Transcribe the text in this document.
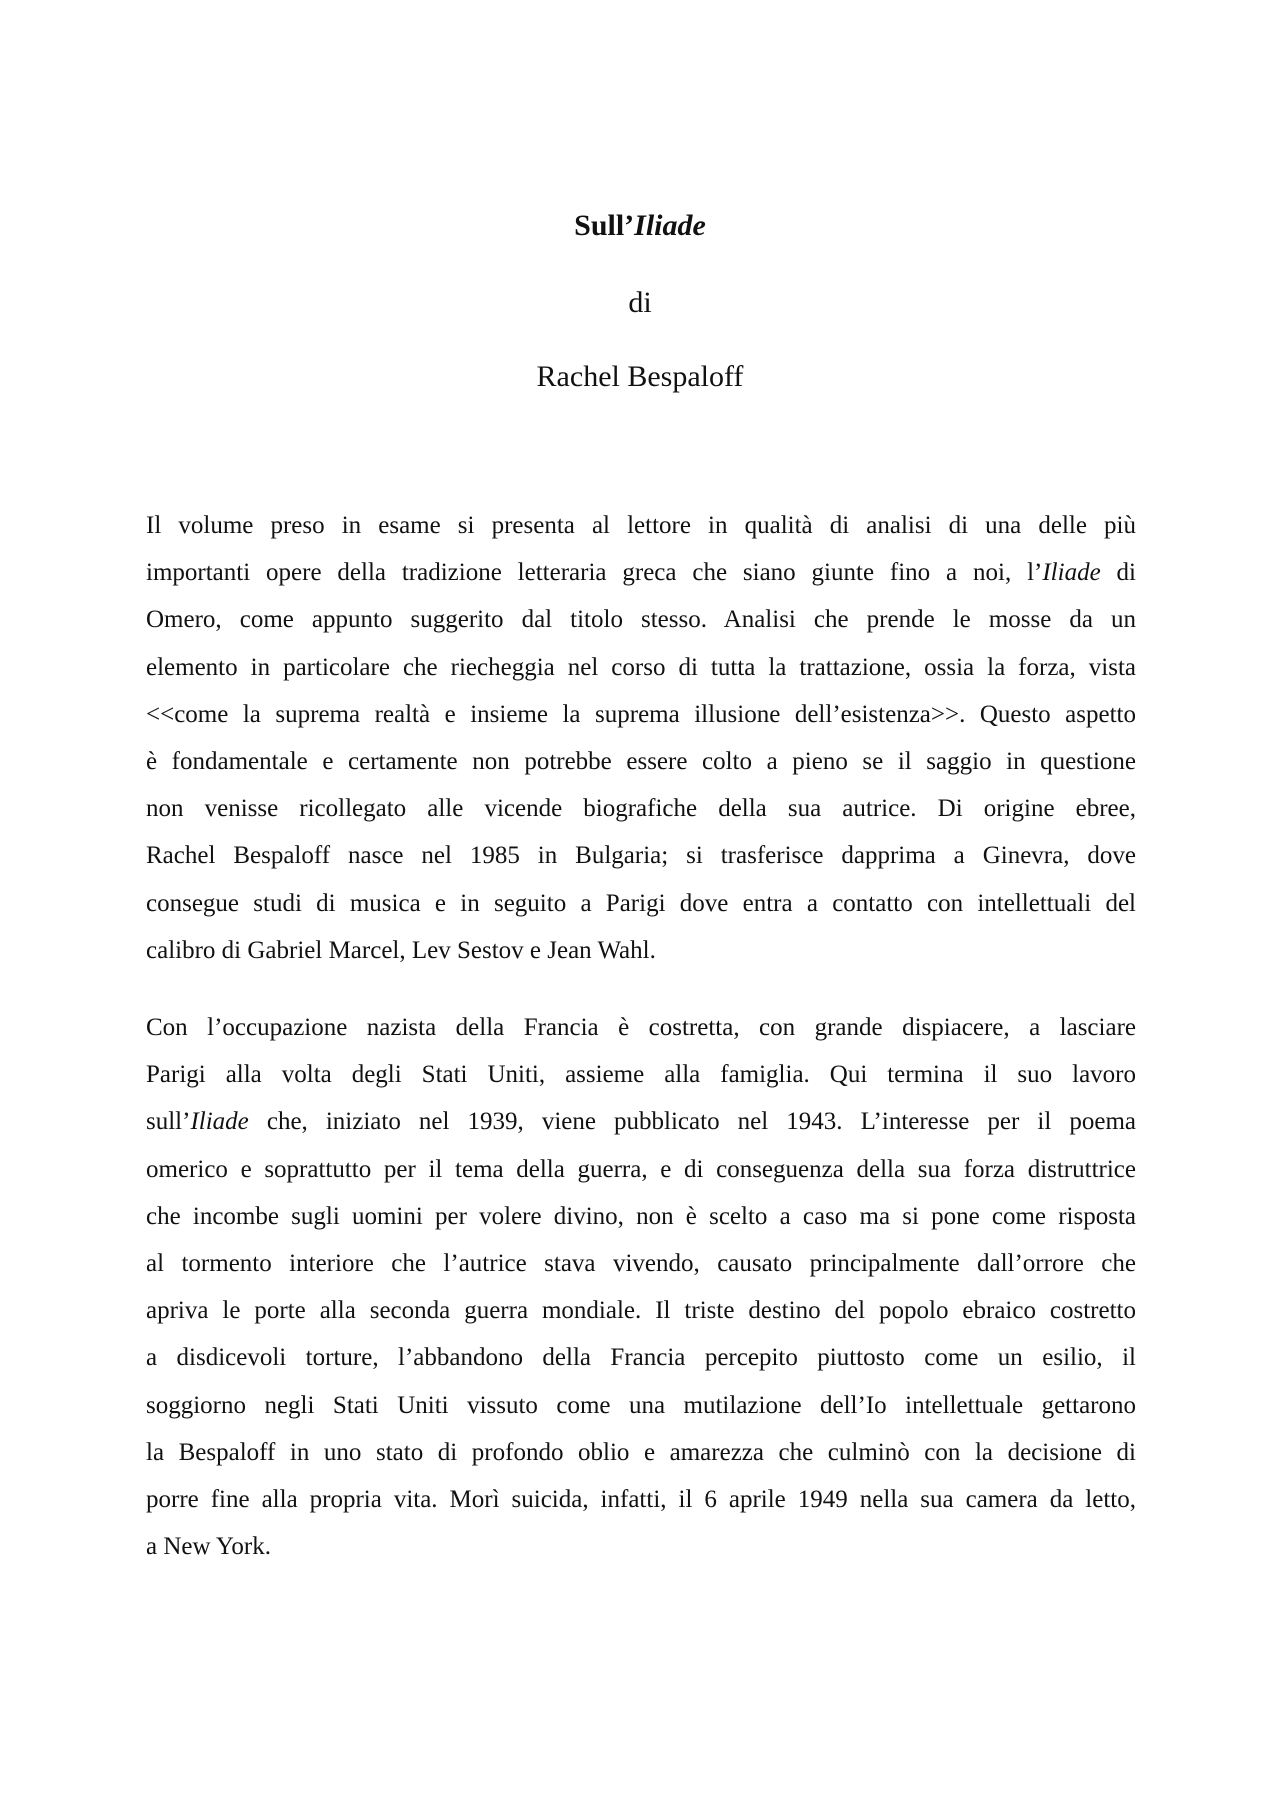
Sull’Iliade

di

Rachel Bespaloff

Il volume preso in esame si presenta al lettore in qualità di analisi di una delle più
importanti opere della tradizione letteraria greca che siano giunte fino a noi, l’Iliade di
Omero, come appunto suggerito dal titolo stesso. Analisi che prende le mosse da un
elemento in particolare che riecheggia nel corso di tutta la trattazione, ossia la forza, vista
<<come la suprema realtà e insieme la suprema illusione dell’esistenza>>. Questo aspetto
è fondamentale e certamente non potrebbe essere colto a pieno se il saggio in questione
non venisse ricollegato alle vicende biografiche della sua autrice. Di origine ebree,
Rachel Bespaloff nasce nel 1985 in Bulgaria; si trasferisce dapprima a Ginevra, dove
consegue studi di musica e in seguito a Parigi dove entra a contatto con intellettuali del
calibro di Gabriel Marcel, Lev Sestov e Jean Wahl.

Con l’occupazione nazista della Francia è costretta, con grande dispiacere, a lasciare
Parigi alla volta degli Stati Uniti, assieme alla famiglia. Qui termina il suo lavoro
sull’Iliade che, iniziato nel 1939, viene pubblicato nel 1943. L’interesse per il poema
omerico e soprattutto per il tema della guerra, e di conseguenza della sua forza distruttrice
che incombe sugli uomini per volere divino, non è scelto a caso ma si pone come risposta
al tormento interiore che l’autrice stava vivendo, causato principalmente dall’orrore che
apriva le porte alla seconda guerra mondiale. Il triste destino del popolo ebraico costretto
a disdicevoli torture, l’abbandono della Francia percepito piuttosto come un esilio, il
soggiorno negli Stati Uniti vissuto come una mutilazione dell’Io intellettuale gettarono
la Bespaloff in uno stato di profondo oblio e amarezza che culminò con la decisione di
porre fine alla propria vita. Morì suicida, infatti, il 6 aprile 1949 nella sua camera da letto,
a New York.
